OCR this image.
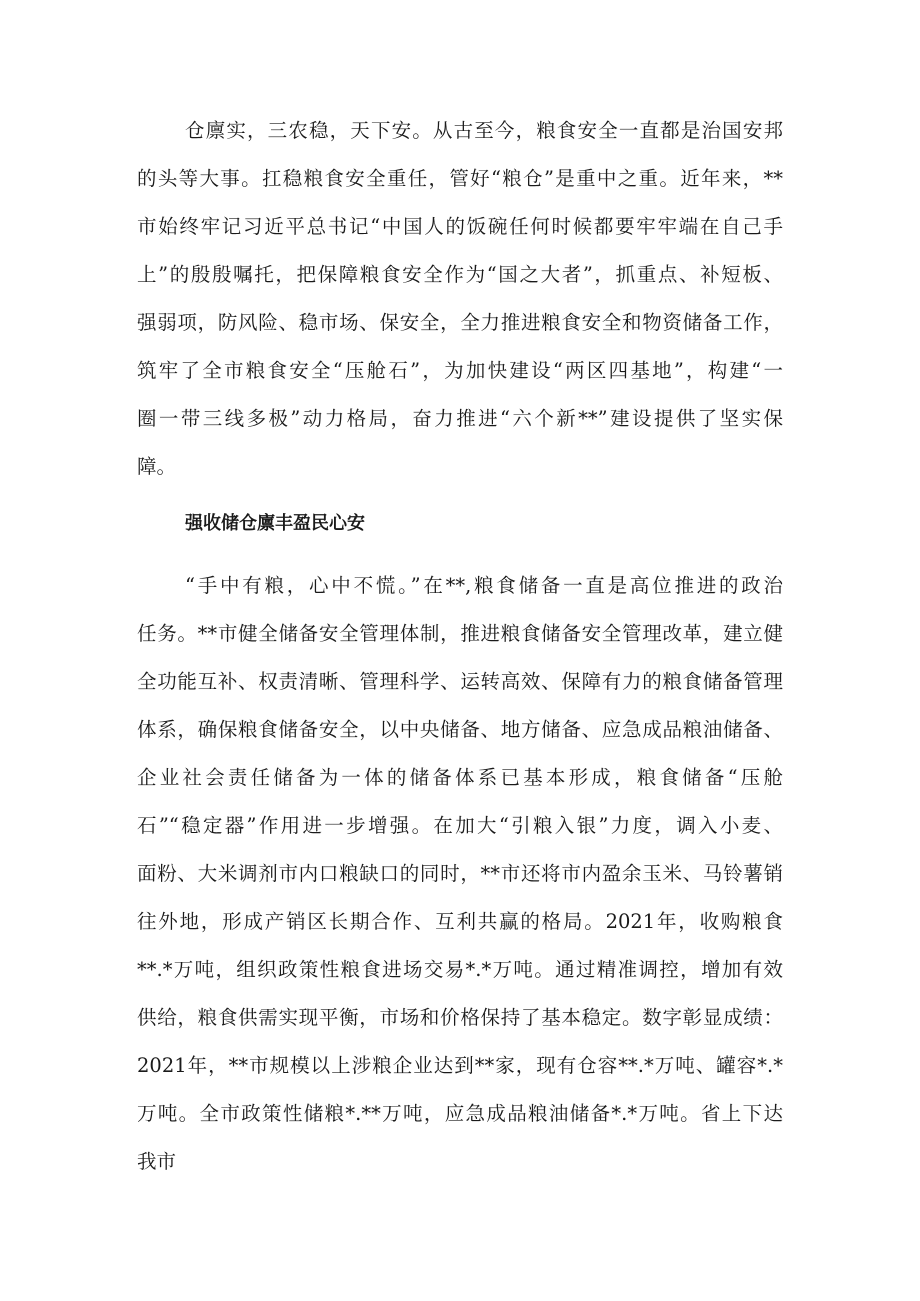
仓廪实，三农稳，天下安。从古至今，粮食安全一直都是治国安邦
的头等大事。扛稳粮食安全重任，管好“粮仓”是重中之重。近年来，**
市始终牢记习近平总书记“中国人的饭碗任何时候都要牢牢端在自己手
上”的殷殷嘱托，把保障粮食安全作为“国之大者”，抓重点、补短板、
强弱项，防风险、稳市场、保安全，全力推进粮食安全和物资储备工作，
筑牢了全市粮食安全“压舱石”，为加快建设“两区四基地”，构建“一
圈一带三线多极”动力格局，奋力推进“六个新**”建设提供了坚实保
障。
强收储仓廪丰盈民心安
“手中有粮，心中不慌。”在**,粮食储备一直是高位推进的政治
任务。**市健全储备安全管理体制，推进粮食储备安全管理改革，建立健
全功能互补、权责清晰、管理科学、运转高效、保障有力的粮食储备管理
体系，确保粮食储备安全，以中央储备、地方储备、应急成品粮油储备、
企业社会责任储备为一体的储备体系已基本形成，粮食储备“压舱
石”“稳定器”作用进一步增强。在加大“引粮入银”力度，调入小麦、
面粉、大米调剂市内口粮缺口的同时，**市还将市内盈余玉米、马铃薯销
往外地，形成产销区长期合作、互利共赢的格局。2021年，收购粮食
**.*万吨，组织政策性粮食进场交易*.*万吨。通过精准调控，增加有效
供给，粮食供需实现平衡，市场和价格保持了基本稳定。数字彰显成绩：
2021年，**市规模以上涉粮企业达到**家，现有仓容**.*万吨、罐容*.*
万吨。全市政策性储粮*.**万吨，应急成品粮油储备*.*万吨。省上下达
我市
